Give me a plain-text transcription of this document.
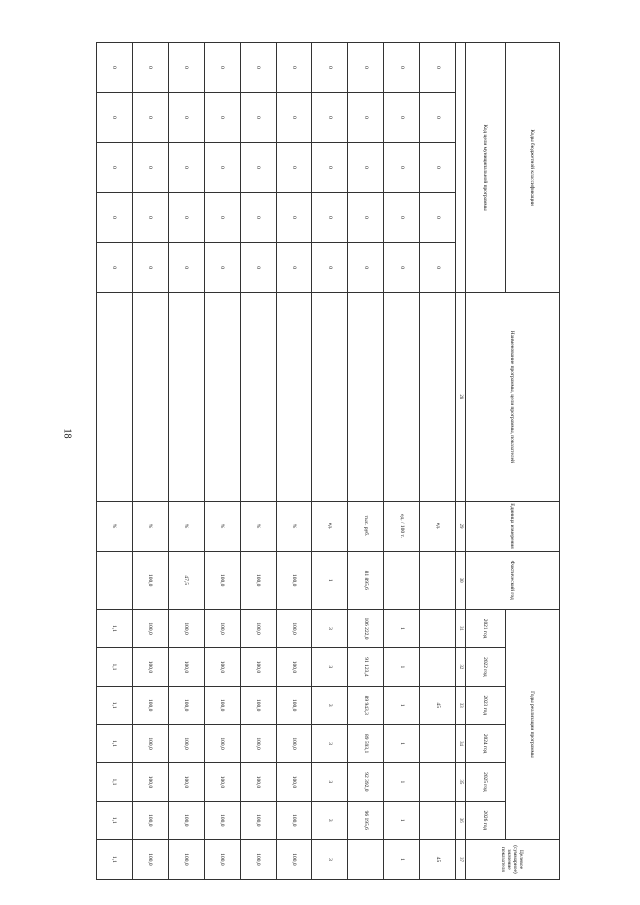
18
Коды бюджетной классификации					Наименование программы, цели программы, показателей	Единица измерения	Фактический год	Годы реализации программы						Целевое (суммарное) значение показателя
Код цели муниципальной программы								2021 год	2022 год	2023 год	2024 год	2025 год	2026 год	
					28	29	30	31	32	33	34	35	36	37
0	0	0	0	0		ед.				45				45
0	0	0	0	0		ед. / 100 т.		1	1	1	1	1	1	1
0	0	0	0	0		тыс. руб.	81 895,6	106 222,0	91 123,4	89 943,3	89 593,1	92 392,0	96 195,6	
0	0	0	0	0		ед.	1	3	3	3	3	3	3	3
0	0	0	0	0		%	100,0	100,0	100,0	100,0	100,0	100,0	100,0	100,0
0	0	0	0	0		%	100,0	100,0	100,0	100,0	100,0	100,0	100,0	100,0
0	0	0	0	0		%	100,0	100,0	100,0	100,0	100,0	100,0	100,0	100,0
0	0	0	0	0		%	47,5	100,0	100,0	100,0	100,0	100,0	100,0	100,0
0	0	0	0	0		%	100,0	100,0	100,0	100,0	100,0	100,0	100,0	100,0
0	0	0	0	0		%		1,1	1,1	1,1	1,1	1,1	1,1	1,1
